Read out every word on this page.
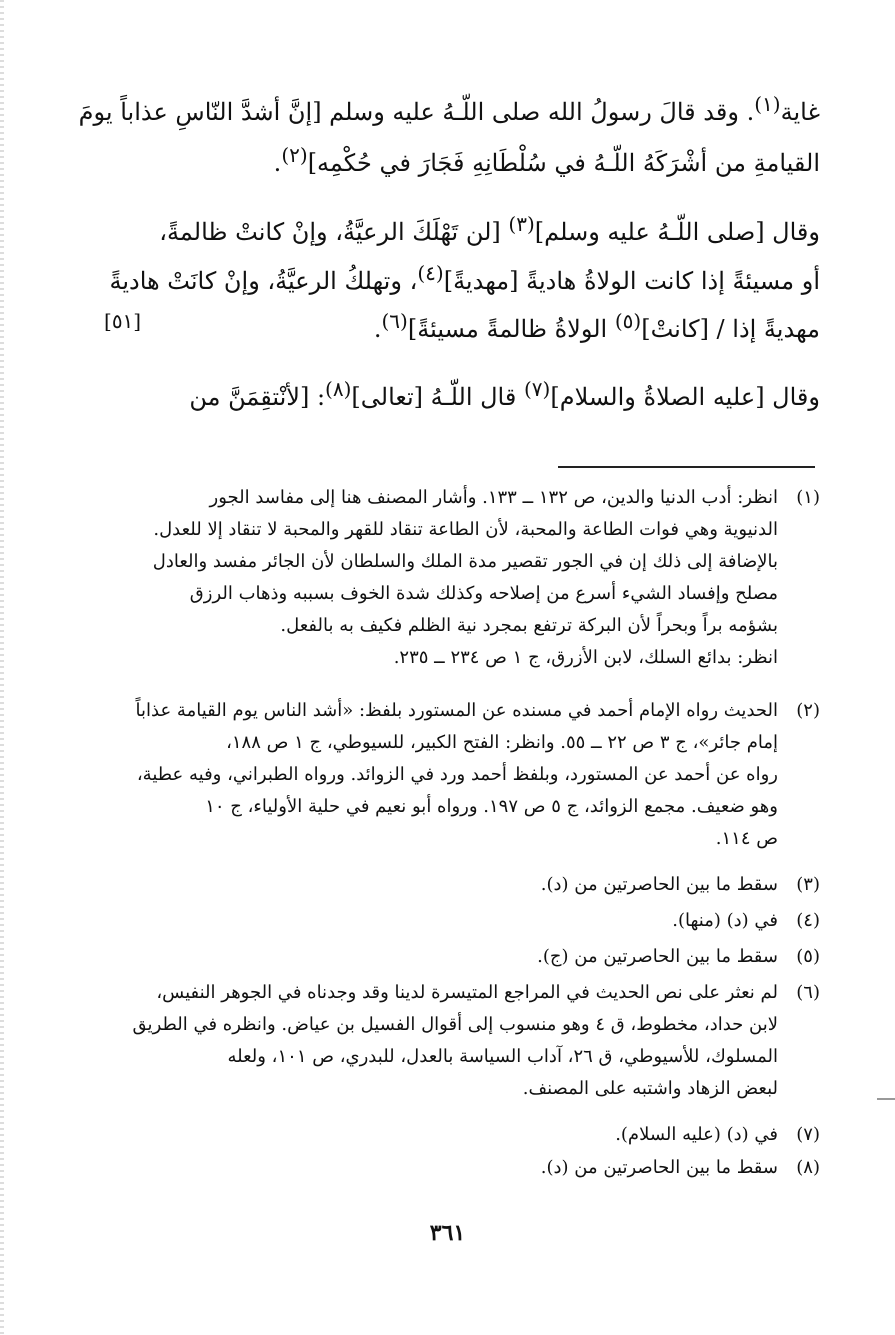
غاية$^{(١)}$. وقد قالَ رسولُ الله صلى اللّـهُ عليه وسلم [إنَّ أشدَّ النّاسِ عذاباً يومَ
القيامةِ من أشْرَكَهُ اللّـهُ في سُلْطَانِهِ فَجَارَ في حُكْمِه]$^{(٢)}$.
وقال [صلى اللّـهُ عليه وسلم]$^{(٣)}$ [لن تَهْلَكَ الرعيَّةُ، وإنْ كانتْ ظالمةً،
أو مسيئةً إذا كانت الولاةُ هاديةً [مهديةً]$^{(٤)}$، وتهلكُ الرعيَّةُ، وإنْ كانَتْ هاديةً
مهديةً إذا / [كانتْ]$^{(٥)}$ الولاةُ ظالمةً مسيئةً]$^{(٦)}$.
وقال [عليه الصلاةُ والسلام]$^{(٧)}$ قال اللّـهُ [تعالى]$^{(٨)}$: [لأنْتقِمَنَّ من
[٥١]
(١)
انظر: أدب الدنيا والدين، ص ١٣٢ ــ ١٣٣. وأشار المصنف هنا إلى مفاسد الجور
الدنيوية وهي فوات الطاعة والمحبة، لأن الطاعة تنقاد للقهر والمحبة لا تنقاد إلا للعدل.
بالإضافة إلى ذلك إن في الجور تقصير مدة الملك والسلطان لأن الجائر مفسد والعادل
مصلح وإفساد الشيء أسرع من إصلاحه وكذلك شدة الخوف بسببه وذهاب الرزق
بشؤمه براً وبحراً لأن البركة ترتفع بمجرد نية الظلم فكيف به بالفعل.
انظر: بدائع السلك، لابن الأزرق، ج ١ ص ٢٣٤ ــ ٢٣٥.
(٢)
الحديث رواه الإمام أحمد في مسنده عن المستورد بلفظ: «أشد الناس يوم القيامة عذاباً
إمام جائر»، ج ٣ ص ٢٢ ــ ٥٥. وانظر: الفتح الكبير، للسيوطي، ج ١ ص ١٨٨،
رواه عن أحمد عن المستورد، وبلفظ أحمد ورد في الزوائد. ورواه الطبراني، وفيه عطية،
وهو ضعيف. مجمع الزوائد، ج ٥ ص ١٩٧. ورواه أبو نعيم في حلية الأولياء، ج ١٠
ص ١١٤.
(٣)
سقط ما بين الحاصرتين من (د).
(٤)
في (د) (منها).
(٥)
سقط ما بين الحاصرتين من (ج).
(٦)
لم نعثر على نص الحديث في المراجع المتيسرة لدينا وقد وجدناه في الجوهر النفيس،
لابن حداد، مخطوط، ق ٤ وهو منسوب إلى أقوال الفسيل بن عياض. وانظره في الطريق
المسلوك، للأسيوطي، ق ٢٦، آداب السياسة بالعدل، للبدري، ص ١٠١، ولعله
لبعض الزهاد واشتبه على المصنف.
(٧)
في (د) (عليه السلام).
(٨)
سقط ما بين الحاصرتين من (د).
٣٦١
